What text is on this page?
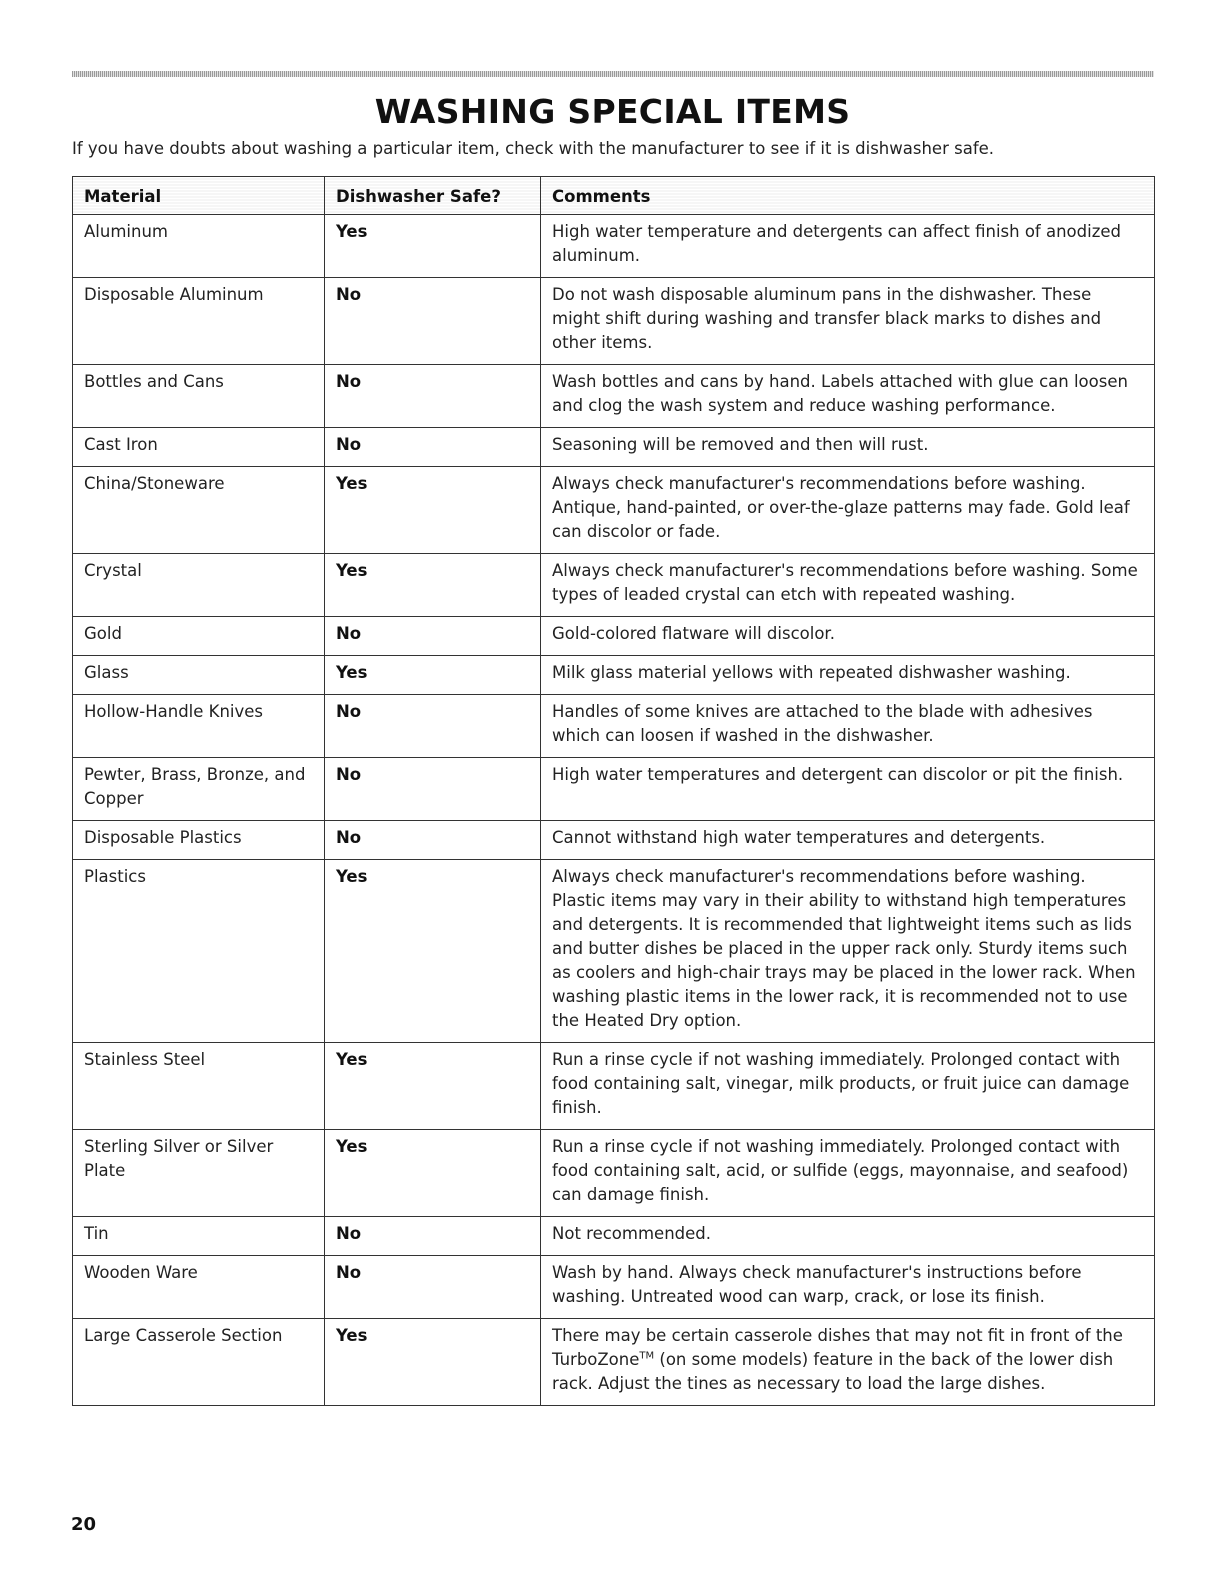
WASHING SPECIAL ITEMS

If you have doubts about washing a particular item, check with the manufacturer to see if it is dishwasher safe.

Material	Dishwasher Safe?	Comments
Aluminum	Yes	High water temperature and detergents can affect finish of anodized aluminum.
Disposable Aluminum	No	Do not wash disposable aluminum pans in the dishwasher. These might shift during washing and transfer black marks to dishes and other items.
Bottles and Cans	No	Wash bottles and cans by hand. Labels attached with glue can loosen and clog the wash system and reduce washing performance.
Cast Iron	No	Seasoning will be removed and then will rust.
China/Stoneware	Yes	Always check manufacturer's recommendations before washing. Antique, hand-painted, or over-the-glaze patterns may fade. Gold leaf can discolor or fade.
Crystal	Yes	Always check manufacturer's recommendations before washing. Some types of leaded crystal can etch with repeated washing.
Gold	No	Gold-colored flatware will discolor.
Glass	Yes	Milk glass material yellows with repeated dishwasher washing.
Hollow-Handle Knives	No	Handles of some knives are attached to the blade with adhesives which can loosen if washed in the dishwasher.
Pewter, Brass, Bronze, and Copper	No	High water temperatures and detergent can discolor or pit the finish.
Disposable Plastics	No	Cannot withstand high water temperatures and detergents.
Plastics	Yes	Always check manufacturer's recommendations before washing. Plastic items may vary in their ability to withstand high temperatures and detergents. It is recommended that lightweight items such as lids and butter dishes be placed in the upper rack only. Sturdy items such as coolers and high-chair trays may be placed in the lower rack. When washing plastic items in the lower rack, it is recommended not to use the Heated Dry option.
Stainless Steel	Yes	Run a rinse cycle if not washing immediately. Prolonged contact with food containing salt, vinegar, milk products, or fruit juice can damage finish.
Sterling Silver or Silver Plate	Yes	Run a rinse cycle if not washing immediately. Prolonged contact with food containing salt, acid, or sulfide (eggs, mayonnaise, and seafood) can damage finish.
Tin	No	Not recommended.
Wooden Ware	No	Wash by hand. Always check manufacturer's instructions before washing. Untreated wood can warp, crack, or lose its finish.
Large Casserole Section	Yes	There may be certain casserole dishes that may not fit in front of the TurboZone™ (on some models) feature in the back of the lower dish rack. Adjust the tines as necessary to load the large dishes.
20
